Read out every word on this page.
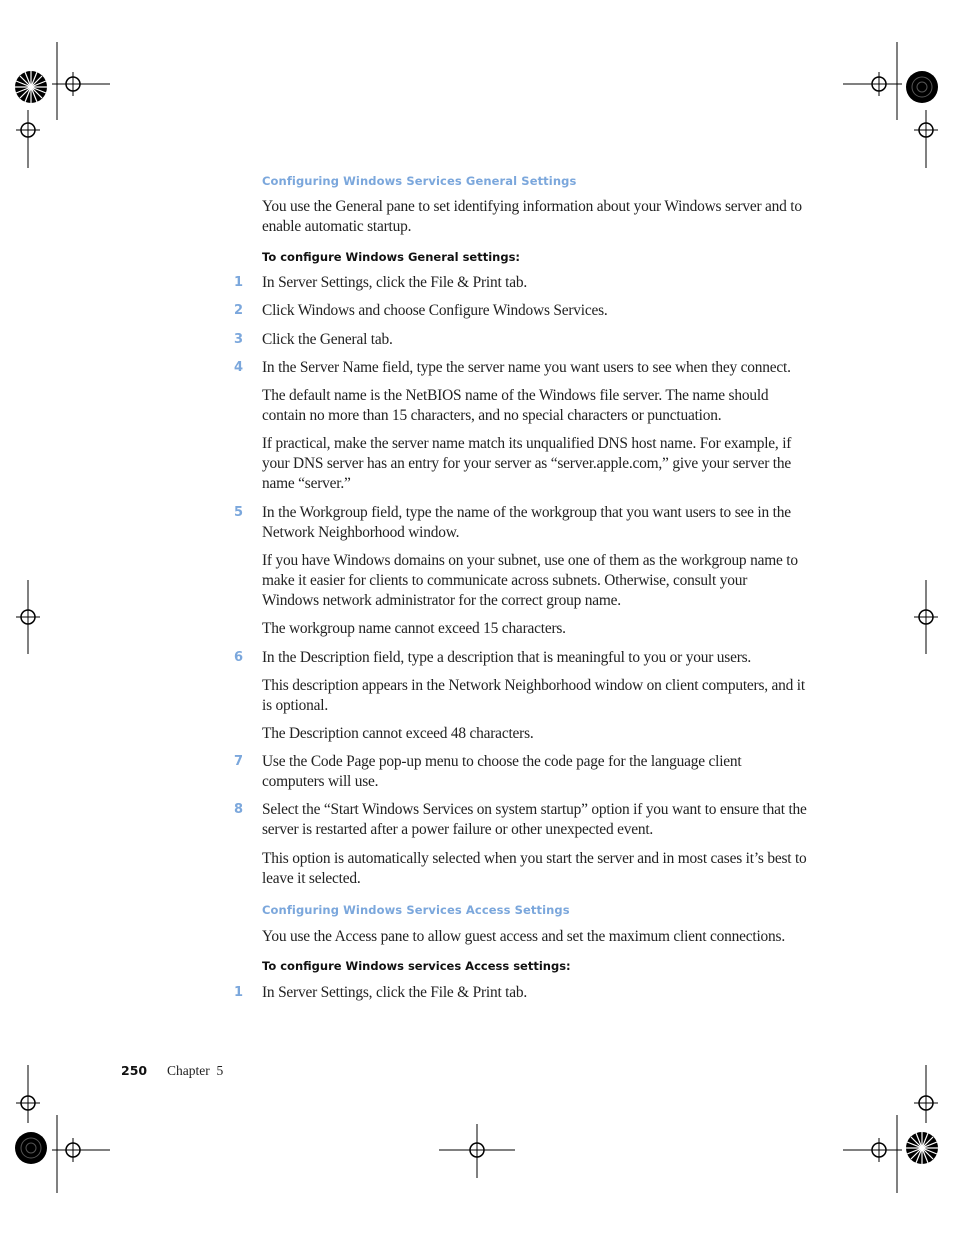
Configuring Windows Services General Settings
You use the General pane to set identifying information about your Windows server and to enable automatic startup.
To configure Windows General settings:
1 In Server Settings, click the File & Print tab.
2 Click Windows and choose Configure Windows Services.
3 Click the General tab.
4 In the Server Name field, type the server name you want users to see when they connect.
The default name is the NetBIOS name of the Windows file server. The name should contain no more than 15 characters, and no special characters or punctuation.
If practical, make the server name match its unqualified DNS host name. For example, if your DNS server has an entry for your server as “server.apple.com,” give your server the name “server.”
5 In the Workgroup field, type the name of the workgroup that you want users to see in the Network Neighborhood window.
If you have Windows domains on your subnet, use one of them as the workgroup name to make it easier for clients to communicate across subnets. Otherwise, consult your Windows network administrator for the correct group name.
The workgroup name cannot exceed 15 characters.
6 In the Description field, type a description that is meaningful to you or your users.
This description appears in the Network Neighborhood window on client computers, and it is optional.
The Description cannot exceed 48 characters.
7 Use the Code Page pop-up menu to choose the code page for the language client computers will use.
8 Select the “Start Windows Services on system startup” option if you want to ensure that the server is restarted after a power failure or other unexpected event.
This option is automatically selected when you start the server and in most cases it’s best to leave it selected.
Configuring Windows Services Access Settings
You use the Access pane to allow guest access and set the maximum client connections.
To configure Windows services Access settings:
1 In Server Settings, click the File & Print tab.
250 Chapter  5
